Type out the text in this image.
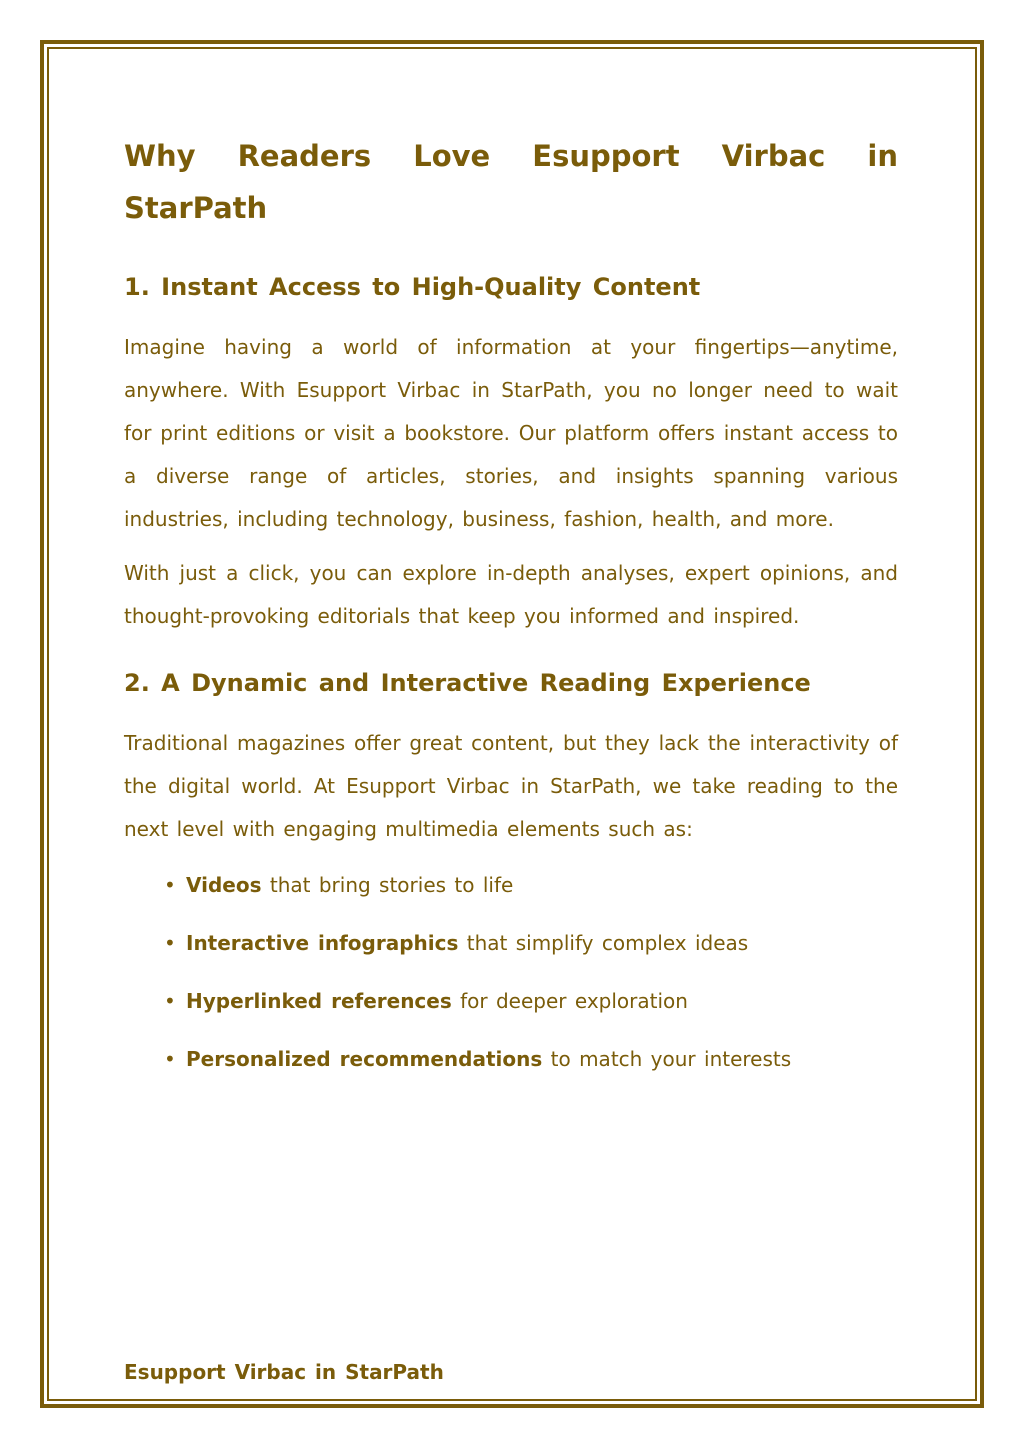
Why Readers Love Esupport Virbac in StarPath
1. Instant Access to High-Quality Content

Imagine having a world of information at your fingertips—anytime, anywhere. With Esupport Virbac in StarPath, you no longer need to wait for print editions or visit a bookstore. Our platform offers instant access to a diverse range of articles, stories, and insights spanning various industries, including technology, business, fashion, health, and more.

With just a click, you can explore in-depth analyses, expert opinions, and thought-provoking editorials that keep you informed and inspired.

2. A Dynamic and Interactive Reading Experience

Traditional magazines offer great content, but they lack the interactivity of the digital world. At Esupport Virbac in StarPath, we take reading to the next level with engaging multimedia elements such as:

• Videos that bring stories to life
• Interactive infographics that simplify complex ideas
• Hyperlinked references for deeper exploration
• Personalized recommendations to match your interests
Esupport Virbac in StarPath
